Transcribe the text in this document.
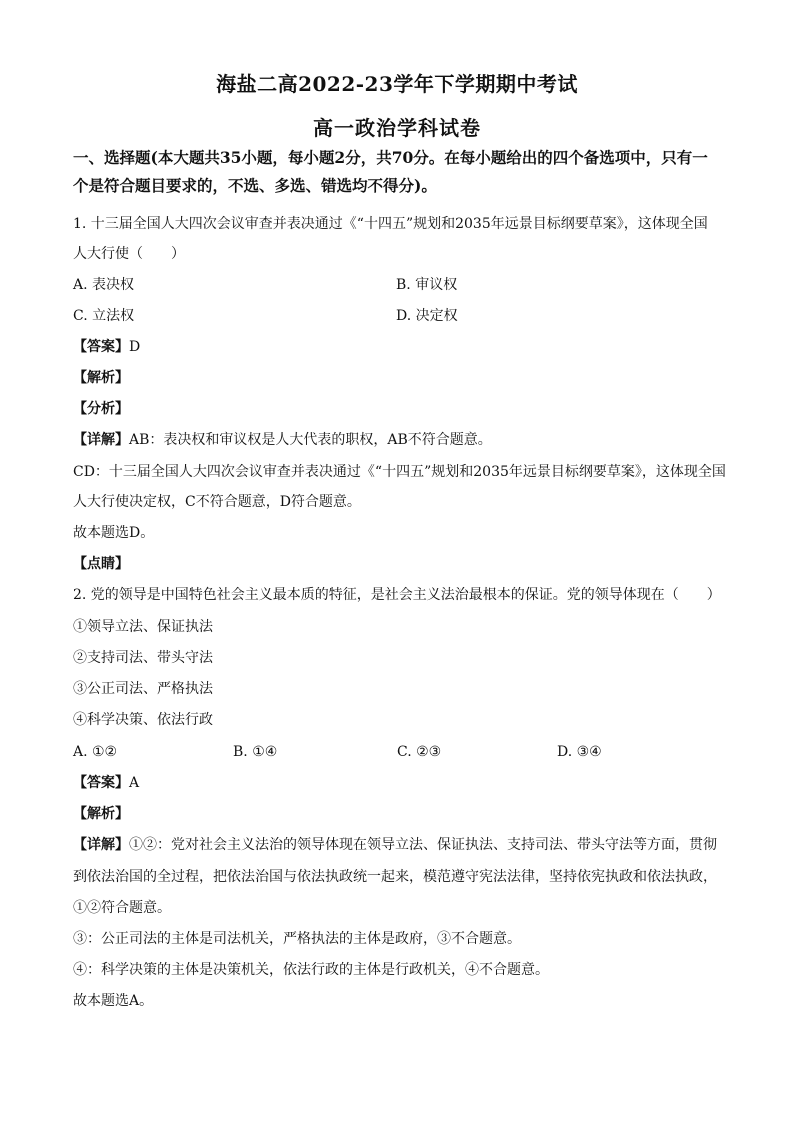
海盐二高2022-23学年下学期期中考试
高一政治学科试卷
一、选择题(本大题共35小题，每小题2分，共70分。在每小题给出的四个备选项中，只有一个是符合题目要求的，不选、多选、错选均不得分)。
1. 十三届全国人大四次会议审查并表决通过《“十四五”规划和2035年远景目标纲要草案》，这体现全国
人大行使（　　）
A. 表决权	B. 审议权
C. 立法权	D. 决定权
【答案】D
【解析】
【分析】
【详解】AB：表决权和审议权是人大代表的职权，AB不符合题意。
CD：十三届全国人大四次会议审查并表决通过《“十四五”规划和2035年远景目标纲要草案》，这体现全国
人大行使决定权，C不符合题意，D符合题意。
故本题选D。
【点睛】
2. 党的领导是中国特色社会主义最本质的特征，是社会主义法治最根本的保证。党的领导体现在（　　）
①领导立法、保证执法
②支持司法、带头守法
③公正司法、严格执法
④科学决策、依法行政
A. ①②	B. ①④	C. ②③	D. ③④
【答案】A
【解析】
【详解】①②：党对社会主义法治的领导体现在领导立法、保证执法、支持司法、带头守法等方面，贯彻
到依法治国的全过程，把依法治国与依法执政统一起来，模范遵守宪法法律，坚持依宪执政和依法执政，
①②符合题意。
③：公正司法的主体是司法机关，严格执法的主体是政府，③不合题意。
④：科学决策的主体是决策机关，依法行政的主体是行政机关，④不合题意。
故本题选A。
